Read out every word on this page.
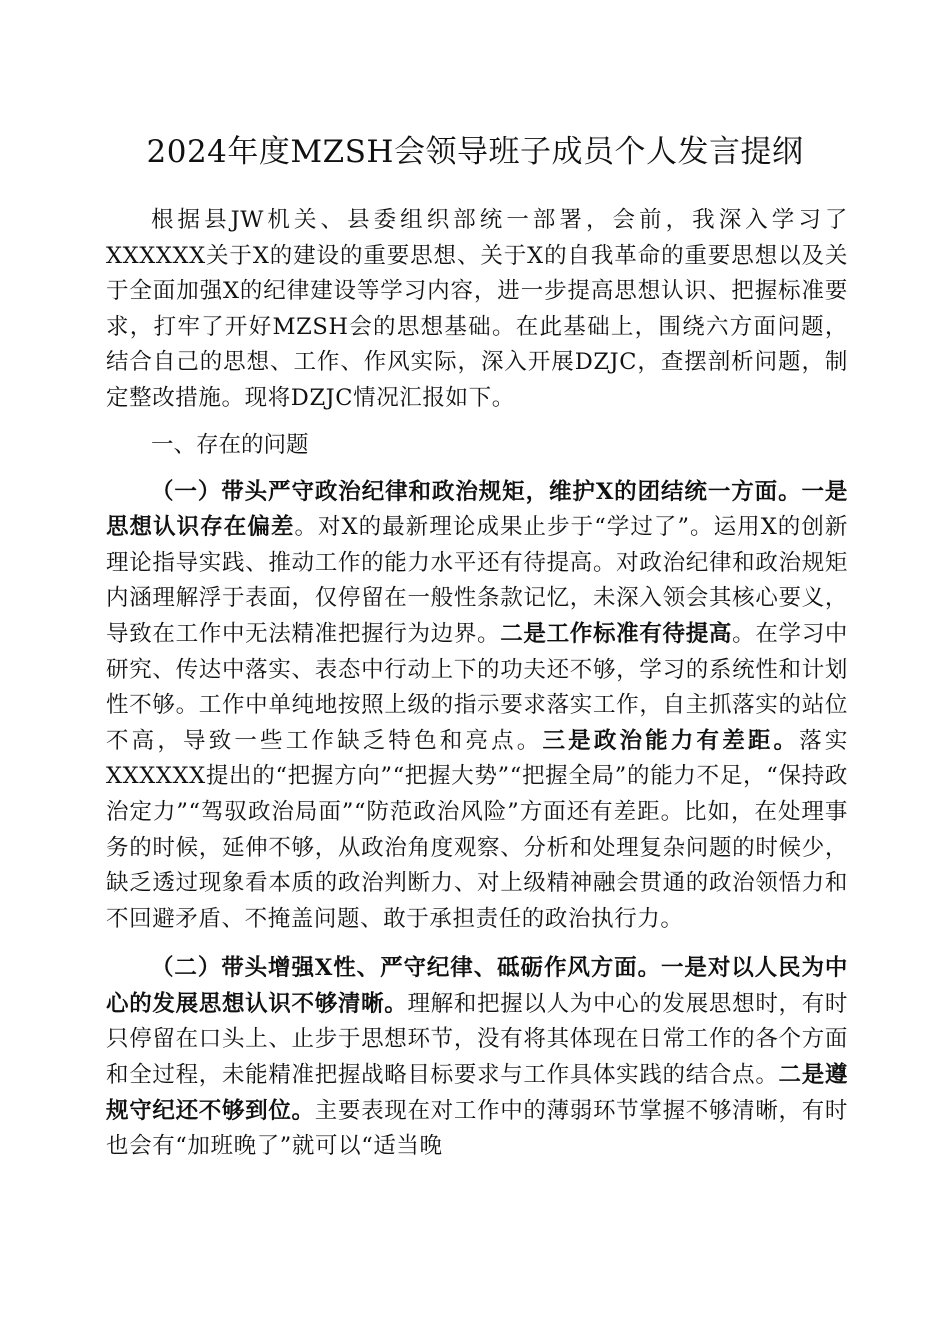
2024年度MZSH会领导班子成员个人发言提纲

根据县JW机关、县委组织部统一部署，会前，我深入学习了XXXXXX关于X的建设的重要思想、关于X的自我革命的重要思想以及关于全面加强X的纪律建设等学习内容，进一步提高思想认识、把握标准要求，打牢了开好MZSH会的思想基础。在此基础上，围绕六方面问题，结合自己的思想、工作、作风实际，深入开展DZJC，查摆剖析问题，制定整改措施。现将DZJC情况汇报如下。

一、存在的问题

（一）带头严守政治纪律和政治规矩，维护X的团结统一方面。一是思想认识存在偏差。对X的最新理论成果止步于“学过了”。运用X的创新理论指导实践、推动工作的能力水平还有待提高。对政治纪律和政治规矩内涵理解浮于表面，仅停留在一般性条款记忆，未深入领会其核心要义，导致在工作中无法精准把握行为边界。二是工作标准有待提高。在学习中研究、传达中落实、表态中行动上下的功夫还不够，学习的系统性和计划性不够。工作中单纯地按照上级的指示要求落实工作，自主抓落实的站位不高，导致一些工作缺乏特色和亮点。三是政治能力有差距。落实XXXXXX提出的“把握方向”“把握大势”“把握全局”的能力不足，“保持政治定力”“驾驭政治局面”“防范政治风险”方面还有差距。比如，在处理事务的时候，延伸不够，从政治角度观察、分析和处理复杂问题的时候少，缺乏透过现象看本质的政治判断力、对上级精神融会贯通的政治领悟力和不回避矛盾、不掩盖问题、敢于承担责任的政治执行力。

（二）带头增强X性、严守纪律、砥砺作风方面。一是对以人民为中心的发展思想认识不够清晰。理解和把握以人为中心的发展思想时，有时只停留在口头上、止步于思想环节，没有将其体现在日常工作的各个方面和全过程，未能精准把握战略目标要求与工作具体实践的结合点。二是遵规守纪还不够到位。主要表现在对工作中的薄弱环节掌握不够清晰，有时也会有“加班晚了”就可以“适当晚
